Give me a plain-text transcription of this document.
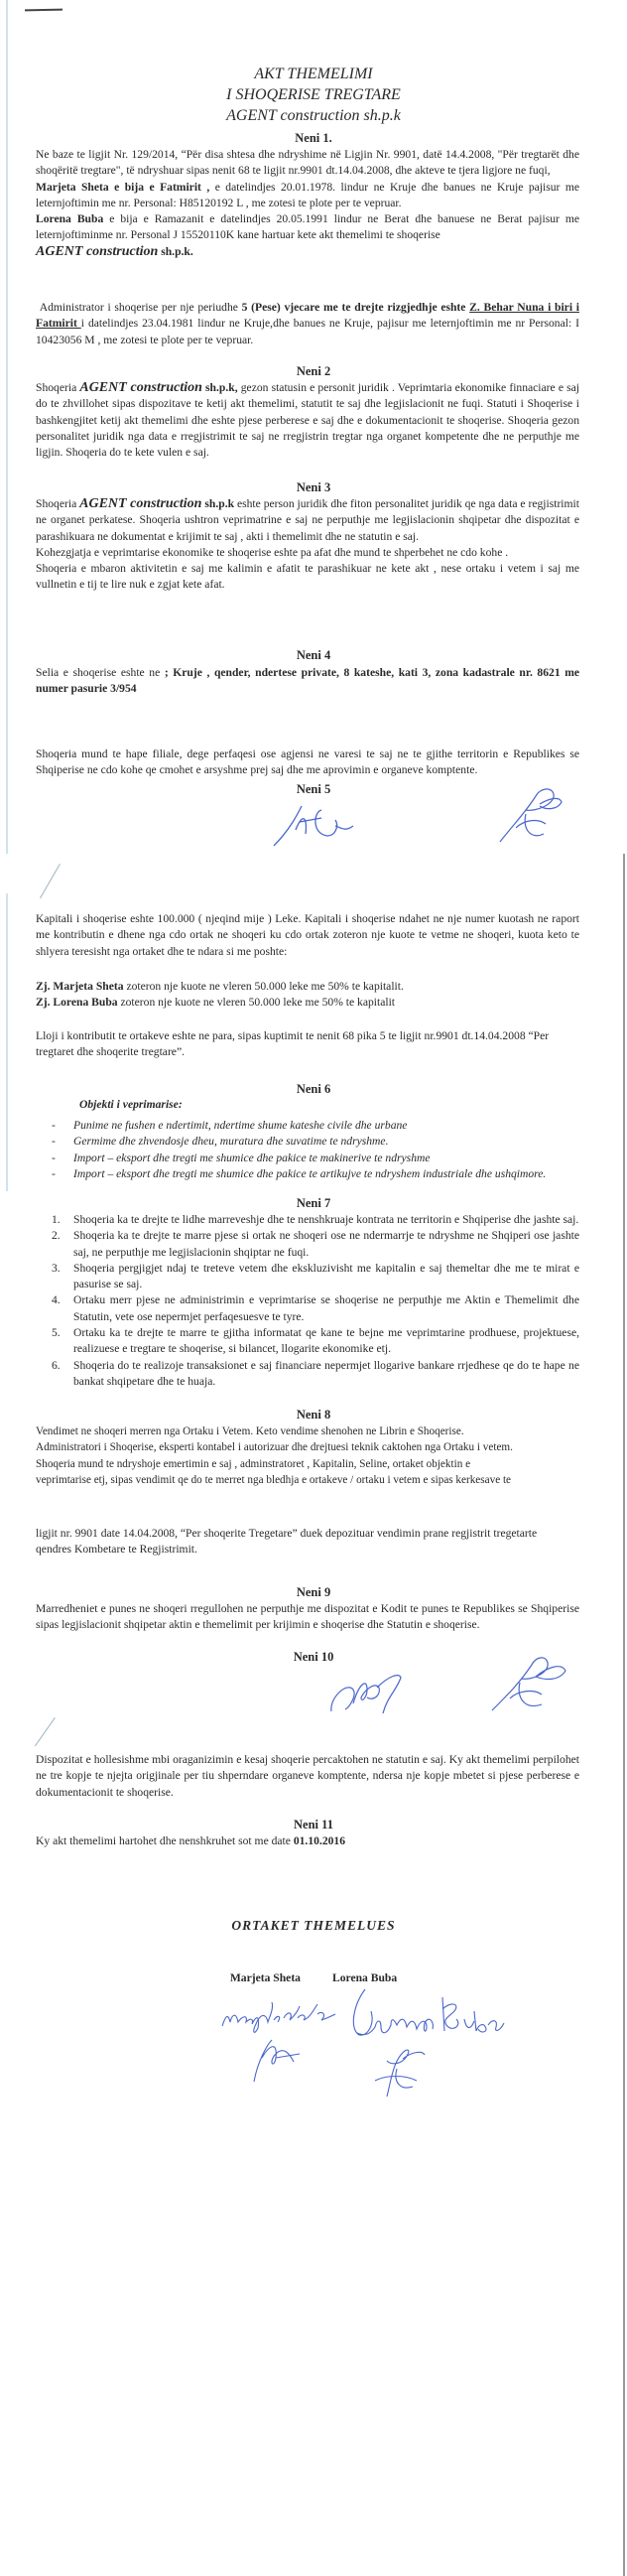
AKT THEMELIMI
I SHOQERISE TREGTARE
AGENT construction sh.p.k
Neni 1.
Ne baze te ligjit Nr. 129/2014, “Për disa shtesa dhe ndryshime në Ligjin Nr. 9901, datë 14.4.2008, "Për tregtarët dhe shoqëritë tregtare", të ndryshuar sipas nenit 68 te ligjit nr.9901 dt.14.04.2008, dhe akteve te tjera ligjore ne fuqi,
Marjeta Sheta e bija e Fatmirit , e datelindjes 20.01.1978. lindur ne Kruje dhe banues ne Kruje pajisur me leternjoftimin me nr. Personal: H85120192 L , me zotesi te plote per te vepruar.
Lorena Buba e bija e Ramazanit e datelindjes 20.05.1991 lindur ne Berat dhe banuese ne Berat pajisur me leternjoftiminme nr. Personal J 15520110K kane hartuar kete akt themelimi te shoqerise
AGENT construction sh.p.k.
Administrator i shoqerise per nje periudhe 5 (Pese) vjecare me te drejte rizgjedhje eshte Z. Behar Nuna i biri i Fatmirit i datelindjes 23.04.1981 lindur ne Kruje,dhe banues ne Kruje, pajisur me leternjoftimin me nr Personal: I 10423056 M , me zotesi te plote per te vepruar.
Neni 2
Shoqeria AGENT construction sh.p.k, gezon statusin e personit juridik . Veprimtaria ekonomike finnaciare e saj do te zhvillohet sipas dispozitave te ketij akt themelimi, statutit te saj dhe legjislacionit ne fuqi. Statuti i Shoqerise i bashkengjitet ketij akt themelimi dhe eshte pjese perberese e saj dhe e dokumentacionit te shoqerise. Shoqeria gezon personalitet juridik nga data e rregjistrimit te saj ne rregjistrin tregtar nga organet kompetente dhe ne perputhje me ligjin. Shoqeria do te kete vulen e saj.
Neni 3
Shoqeria AGENT construction sh.p.k eshte person juridik dhe fiton personalitet juridik qe nga data e regjistrimit ne organet perkatese. Shoqeria ushtron veprimatrine e saj ne perputhje me legjislacionin shqipetar dhe dispozitat e parashikuara ne dokumentat e krijimit te saj , akti i themelimit dhe ne statutin e saj.
Kohezgjatja e veprimtarise ekonomike te shoqerise eshte pa afat dhe mund te shperbehet ne cdo kohe .
Shoqeria e mbaron aktivitetin e saj me kalimin e afatit te parashikuar ne kete akt , nese ortaku i vetem i saj me vullnetin e tij te lire nuk e zgjat kete afat.
Neni 4
Selia e shoqerise eshte ne ; Kruje , qender, ndertese private, 8 kateshe, kati 3, zona kadastrale nr. 8621 me numer pasurie 3/954
Shoqeria mund te hape filiale, dege perfaqesi ose agjensi ne varesi te saj ne te gjithe territorin e Republikes se Shqiperise ne cdo kohe qe cmohet e arsyshme prej saj dhe me aprovimin e organeve komptente.
Neni 5
Kapitali i shoqerise eshte 100.000 ( njeqind mije ) Leke. Kapitali i shoqerise ndahet ne nje numer kuotash ne raport me kontributin e dhene nga cdo ortak ne shoqeri ku cdo ortak zoteron nje kuote te vetme ne shoqeri, kuota keto te shlyera teresisht nga ortaket dhe te ndara si me poshte:
Zj. Marjeta Sheta zoteron nje kuote ne vleren 50.000 leke me 50% te kapitalit.
Zj. Lorena Buba zoteron nje kuote ne vleren 50.000 leke me 50% te kapitalit
Lloji i kontributit te ortakeve eshte ne para, sipas kuptimit te nenit 68 pika 5 te ligjit nr.9901 dt.14.04.2008 “Per tregtaret dhe shoqerite tregtare”.
Neni 6
Objekti i veprimarise:
-	Punime ne fushen e ndertimit, ndertime shume kateshe civile dhe urbane
-	Germime dhe zhvendosje dheu, muratura dhe suvatime te ndryshme.
-	Import – eksport dhe tregti me shumice dhe pakice te makinerive te ndryshme
-	Import – eksport dhe tregti me shumice dhe pakice te artikujve te ndryshem industriale dhe ushqimore.
Neni 7
1.	Shoqeria ka te drejte te lidhe marreveshje dhe te nenshkruaje kontrata ne territorin e Shqiperise dhe jashte saj.
2.	Shoqeria ka te drejte te marre pjese si ortak ne shoqeri ose ne ndermarrje te ndryshme ne Shqiperi ose jashte saj, ne perputhje me legjislacionin shqiptar ne fuqi.
3.	Shoqeria pergjigjet ndaj te treteve vetem dhe ekskluzivisht me kapitalin e saj themeltar dhe me te mirat e pasurise se saj.
4.	Ortaku merr pjese ne administrimin e veprimtarise se shoqerise ne perputhje me Aktin e Themelimit dhe Statutin, vete ose nepermjet perfaqesuesve te tyre.
5.	Ortaku ka te drejte te marre te gjitha informatat qe kane te bejne me veprimtarine prodhuese, projektuese, realizuese e tregtare te shoqerise, si bilancet, llogarite ekonomike etj.
6.	Shoqeria do te realizoje transaksionet e saj financiare nepermjet llogarive bankare rrjedhese qe do te hape ne bankat shqipetare dhe te huaja.
Neni 8
Vendimet ne shoqeri merren nga Ortaku i Vetem. Keto vendime shenohen ne Librin e Shoqerise.
Administratori i Shoqerise, eksperti kontabel i autorizuar dhe drejtuesi teknik caktohen nga Ortaku i vetem.
Shoqeria mund te ndryshoje emertimin e saj , adminstratoret , Kapitalin, Seline, ortaket objektin e
veprimtarise etj, sipas vendimit qe do te merret nga bledhja e ortakeve / ortaku i vetem e sipas kerkesave te
ligjit nr. 9901 date 14.04.2008, “Per shoqerite Tregetare” duek depozituar vendimin prane regjistrit tregetarte qendres Kombetare te Regjistrimit.
Neni 9
Marredheniet e punes ne shoqeri rregullohen ne perputhje me dispozitat e Kodit te punes te Republikes se Shqiperise sipas legjislacionit shqipetar aktin e themelimit per krijimin e shoqerise dhe Statutin e shoqerise.
Neni 10
Dispozitat e hollesishme mbi oraganizimin e kesaj shoqerie percaktohen ne statutin e saj. Ky akt themelimi perpilohet ne tre kopje te njejta origjinale per tiu shperndare organeve komptente, ndersa nje kopje mbetet si pjese perberese e dokumentacionit te shoqerise.
Neni 11
Ky akt themelimi hartohet dhe nenshkruhet sot me date 01.10.2016
ORTAKET THEMELUES
Marjeta Sheta	Lorena Buba
